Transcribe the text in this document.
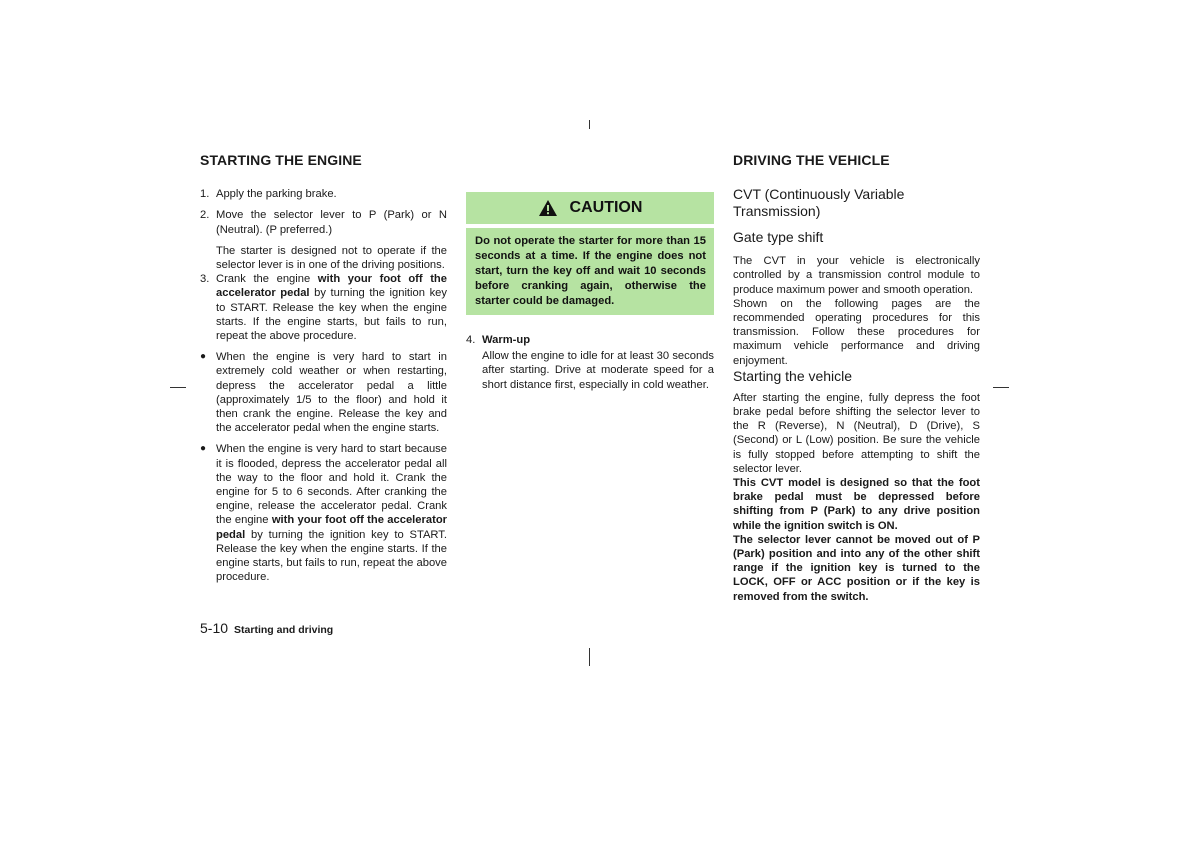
STARTING THE ENGINE

1. Apply the parking brake.
2. Move the selector lever to P (Park) or N (Neutral). (P preferred.)

The starter is designed not to operate if the selector lever is in one of the driving positions.

3. Crank the engine with your foot off the accelerator pedal by turning the ignition key to START. Release the key when the engine starts. If the engine starts, but fails to run, repeat the above procedure.
● When the engine is very hard to start in extremely cold weather or when restarting, depress the accelerator pedal a little (approximately 1/5 to the floor) and hold it then crank the engine. Release the key and the accelerator pedal when the engine starts.
● When the engine is very hard to start because it is flooded, depress the accelerator pedal all the way to the floor and hold it. Crank the engine for 5 to 6 seconds. After cranking the engine, release the accelerator pedal. Crank the engine with your foot off the accelerator pedal by turning the ignition key to START. Release the key when the engine starts. If the engine starts, but fails to run, repeat the above procedure.
CAUTION
Do not operate the starter for more than 15 seconds at a time. If the engine does not start, turn the key off and wait 10 seconds before cranking again, otherwise the starter could be damaged.
4. Warm-up

Allow the engine to idle for at least 30 seconds after starting. Drive at moderate speed for a short distance first, especially in cold weather.

DRIVING THE VEHICLE

CVT (Continuously Variable Transmission)

Gate type shift

The CVT in your vehicle is electronically controlled by a transmission control module to produce maximum power and smooth operation.

Shown on the following pages are the recommended operating procedures for this transmission. Follow these procedures for maximum vehicle performance and driving enjoyment.

Starting the vehicle

After starting the engine, fully depress the foot brake pedal before shifting the selector lever to the R (Reverse), N (Neutral), D (Drive), S (Second) or L (Low) position. Be sure the vehicle is fully stopped before attempting to shift the selector lever.

This CVT model is designed so that the foot brake pedal must be depressed before shifting from P (Park) to any drive position while the ignition switch is ON.

The selector lever cannot be moved out of P (Park) position and into any of the other shift range if the ignition key is turned to the LOCK, OFF or ACC position or if the key is removed from the switch.

5-10 Starting and driving
